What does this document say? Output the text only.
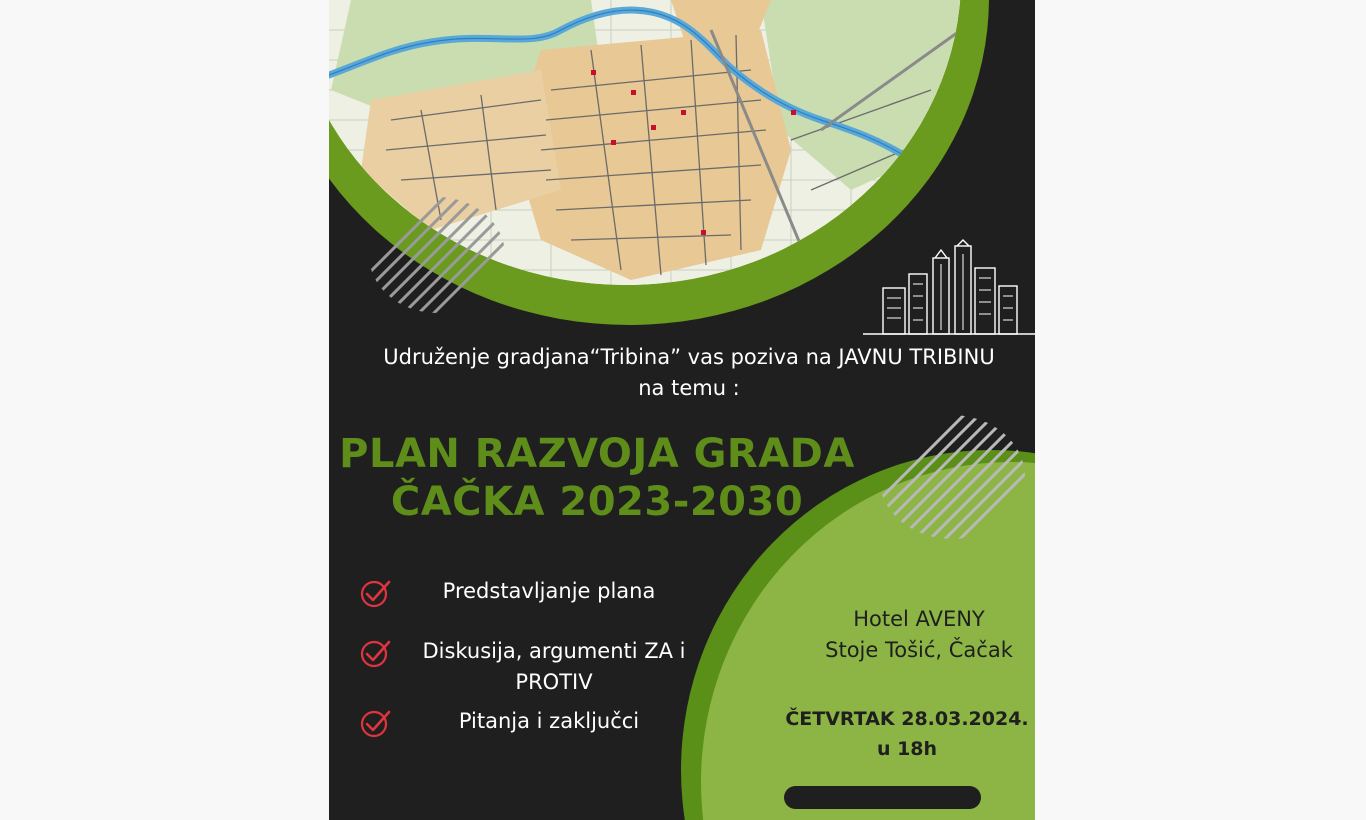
Udruženje gradjana“Tribina” vas poziva na JAVNU TRIBINU na temu :
PLAN RAZVOJA GRADA
ČAČKA 2023-2030
Predstavljanje plana
Diskusija, argumenti ZA i PROTIV
Pitanja i zaključci
Hotel AVENY
Stoje Tošić, Čačak
ČETVRTAK 28.03.2024.
u 18h
